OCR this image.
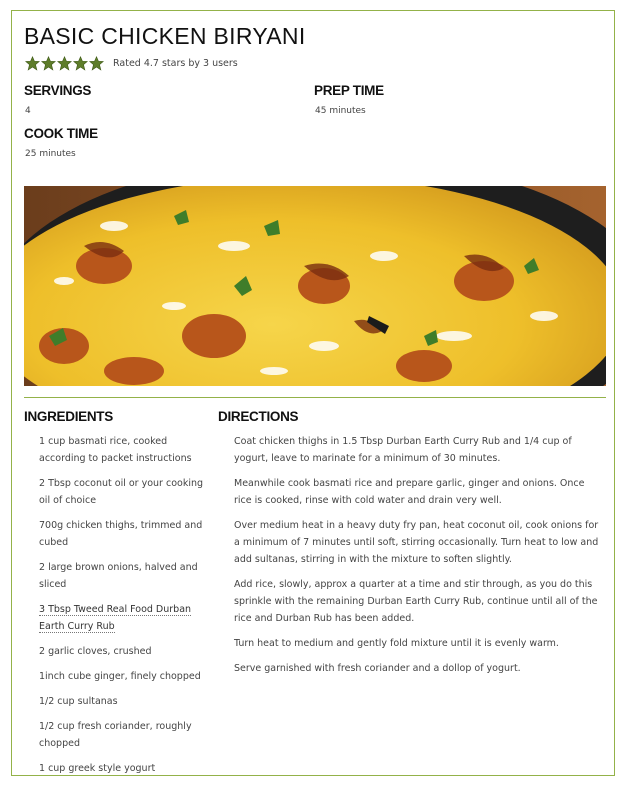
BASIC CHICKEN BIRYANI
Rated 4.7 stars by 3 users
SERVINGS
4
PREP TIME
45 minutes
COOK TIME
25 minutes
INGREDIENTS	DIRECTIONS
1 cup basmati rice, cooked according to packet instructions
2 Tbsp coconut oil or your cooking oil of choice
700g chicken thighs, trimmed and cubed
2 large brown onions, halved and sliced
3 Tbsp Tweed Real Food Durban Earth Curry Rub
2 garlic cloves, crushed
1inch cube ginger, finely chopped
1/2 cup sultanas
1/2 cup fresh coriander, roughly chopped
1 cup greek style yogurt
Coat chicken thighs in 1.5 Tbsp Durban Earth Curry Rub and 1/4 cup of yogurt, leave to marinate for a minimum of 30 minutes.
Meanwhile cook basmati rice and prepare garlic, ginger and onions. Once rice is cooked, rinse with cold water and drain very well.
Over medium heat in a heavy duty fry pan, heat coconut oil, cook onions for a minimum of 7 minutes until soft, stirring occasionally. Turn heat to low and add sultanas, stirring in with the mixture to soften slightly.
Add rice, slowly, approx a quarter at a time and stir through, as you do this sprinkle with the remaining Durban Earth Curry Rub, continue until all of the rice and Durban Rub has been added.
Turn heat to medium and gently fold mixture until it is evenly warm.
Serve garnished with fresh coriander and a dollop of yogurt.
